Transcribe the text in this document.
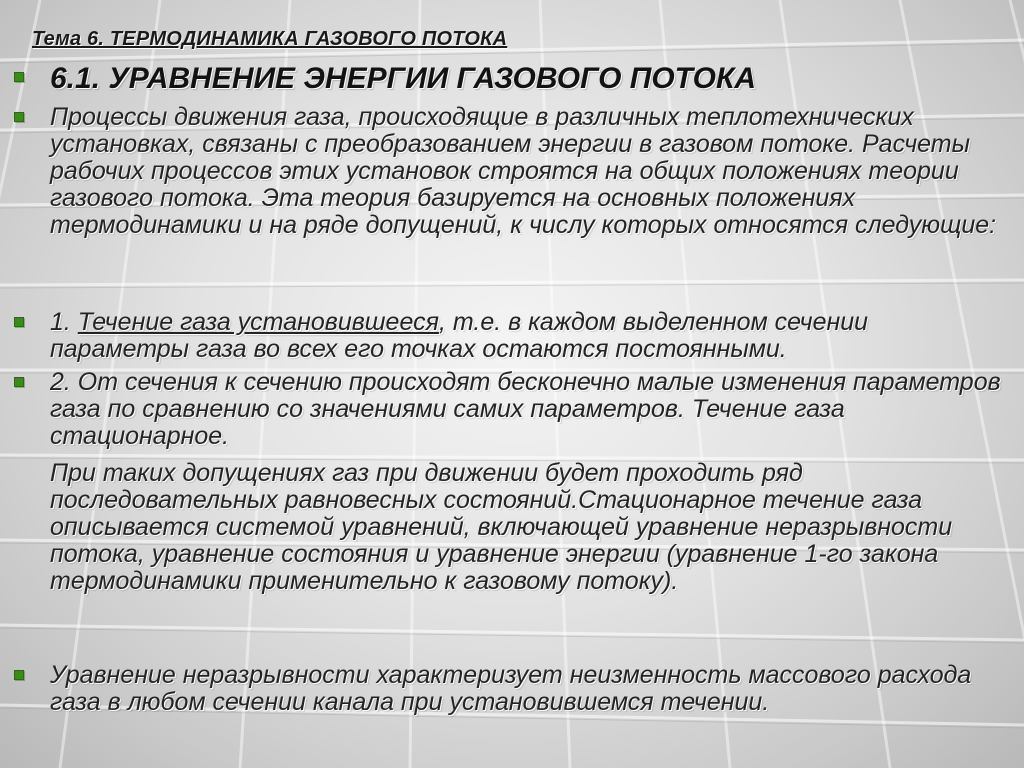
Тема 6. ТЕРМОДИНАМИКА ГАЗОВОГО ПОТОКА
6.1. УРАВНЕНИЕ ЭНЕРГИИ ГАЗОВОГО ПОТОКА
Процессы движения газа, происходящие в различных теплотехнических установках, связаны с преобразованием энергии в газовом потоке. Расчеты рабочих процессов этих установок строятся на общих положениях теории газового потока. Эта теория базируется на основных положениях термодинамики и на ряде допущений, к числу которых относятся следующие:
1. Течение газа установившееся, т.е. в каждом выделенном сечении параметры газа во всех его точках остаются постоянными.
2. От сечения к сечению происходят бесконечно малые изменения параметров газа по сравнению со значениями самих параметров. Течение газа стационарное.
При таких допущениях газ при движении будет проходить ряд последовательных равновесных состояний.Стационарное течение газа описывается системой уравнений, включающей уравнение неразрывности потока, уравнение состояния и уравнение энергии (уравнение 1-го закона термодинамики применительно к газовому потоку).
Уравнение неразрывности характеризует неизменность массового расхода газа в любом сечении канала при установившемся течении.
